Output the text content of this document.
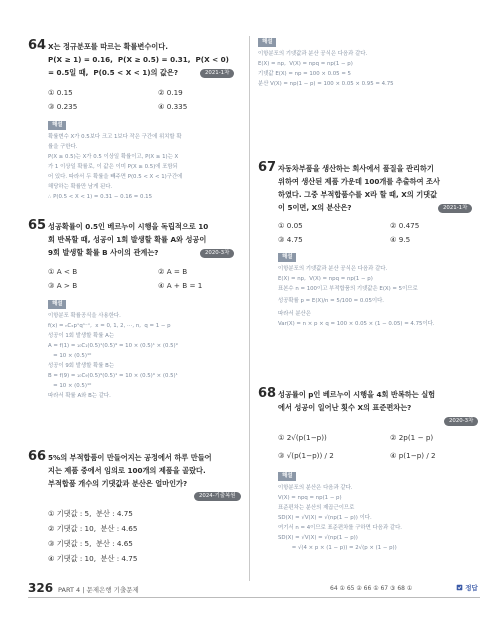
64 X는 정규분포를 따르는 확률변수이다.
P(X ≥ 1) = 0.16,  P(X ≥ 0.5) = 0.31,  P(X < 0)
= 0.5일 때,  P(0.5 < X < 1)의 값은?	2021-1차
① 0.15	② 0.19
③ 0.235	④ 0.335
해설
확률변수 X가 0.5보다 크고 1보다 작은 구간에 위치할 확
률을 구한다.
P(X ≥ 0.5)는 X가 0.5 이상일 확률이고, P(X ≥ 1)는 X
가 1 이상일 확률로, 이 값은 이미 P(X ≥ 0.5)에 포함되
어 있다. 따라서 두 확률을 빼주면 P(0.5 < X < 1)구간에
해당하는 확률만 남게 된다.
∴ P(0.5 < X < 1) = 0.31 − 0.16 = 0.15
65 성공확률이 0.5인 베르누이 시행을 독립적으로 10
회 반복할 때, 성공이 1회 발생할 확률 A와 성공이
9회 발생할 확률 B 사이의 관계는?	2020-3차
① A < B	② A = B
③ A > B	④ A + B = 1
해설
이항분포 확률공식을 사용한다.
f(x) = ₙCₓpˣqⁿ⁻ˣ,  x = 0, 1, 2, ⋯, n,  q = 1 − p
성공이 1회 발생할 확률 A는
A = f(1) = ₁₀C₁(0.5)¹(0.5)⁹ = 10 × (0.5)¹ × (0.5)⁹
= 10 × (0.5)¹⁰
성공이 9회 발생할 확률 B는
B = f(9) = ₁₀C₉(0.5)⁹(0.5)¹ = 10 × (0.5)⁹ × (0.5)¹
= 10 × (0.5)¹⁰
따라서 확률 A와 B는 같다.
66 5%의 부적합품이 만들어지는 공정에서 하루 만들어
지는 제품 중에서 임의로 100개의 제품을 골랐다.
부적합품 개수의 기댓값과 분산은 얼마인가?
2024-기출복원
① 기댓값 : 5,  분산 : 4.75
② 기댓값 : 10,  분산 : 4.65
③ 기댓값 : 5,  분산 : 4.65
④ 기댓값 : 10,  분산 : 4.75
해설
이항분포의 기댓값과 분산 공식은 다음과 같다.
E(X) = np,  V(X) = npq = np(1 − p)
기댓값 E(X) = np = 100 × 0.05 = 5
분산 V(X) = np(1 − p) = 100 × 0.05 × 0.95 = 4.75
67 자동차부품을 생산하는 회사에서 품질을 관리하기
위하여 생산된 제품 가운데 100개를 추출하여 조사
하였다. 그중 부적합품수를 X라 할 때, X의 기댓값
이 5이면, X의 분산은?	2021-1차
① 0.05	② 0.475
③ 4.75	④ 9.5
해설
이항분포의 기댓값과 분산 공식은 다음과 같다.
E(X) = np,  V(X) = npq = np(1 − p)
표본수 n = 100이고 부적합품의 기댓값은 E(X) = 5이므로
성공확률 p = E(X)/n = 5/100 = 0.05이다.
따라서 분산은
Var(X) = n × p × q = 100 × 0.05 × (1 − 0.05) = 4.75이다.
68 성공률이 p인 베르누이 시행을 4회 반복하는 실험
에서 성공이 일어난 횟수 X의 표준편차는?
2020-3차
① 2√(p(1−p))	② 2p(1 − p)
③ √(p(1−p)) / 2	④ p(1−p) / 2
해설
이항분포의 분산은 다음과 같다.
V(X) = npq = np(1 − p)
표준편차는 분산의 제곱근이므로
SD(X) = √V(X) = √(np(1 − p)) 이다.
여기서 n = 4이므로 표준편차를 구하면 다음과 같다.
SD(X) = √V(X) = √(np(1 − p))
= √(4 × p × (1 − p)) = 2√(p × (1 − p))
326 PART 4 | 문제은행 기출문제	64 ① 65 ② 66 ① 67 ③ 68 ①	정답
